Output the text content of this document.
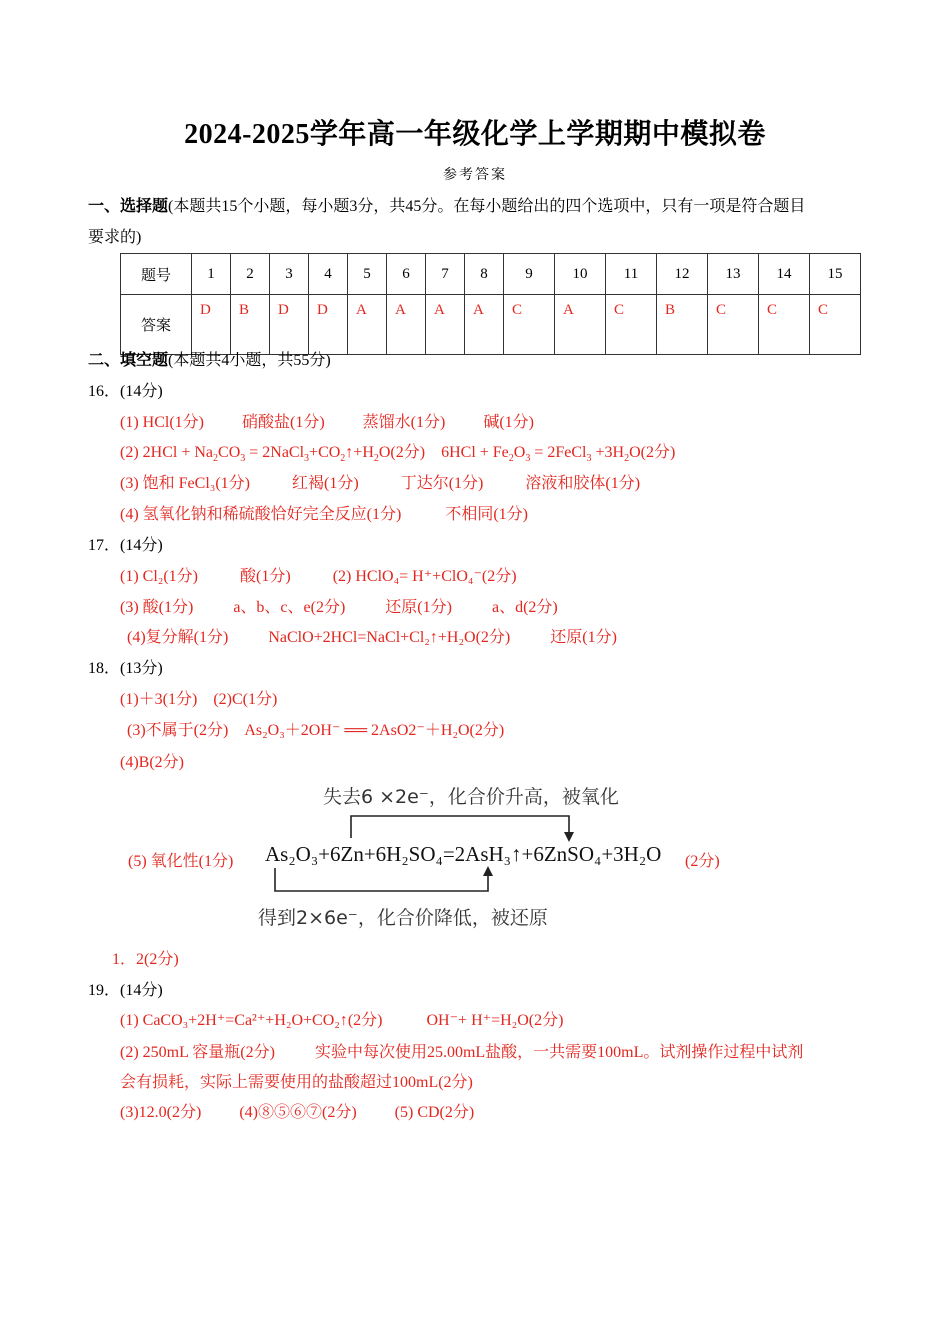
2024-2025学年高一年级化学上学期期中模拟卷
参考答案
一、选择题(本题共15个小题，每小题3分，共45分。在每小题给出的四个选项中，只有一项是符合题目
要求的)
题号	1	2	3	4	5	6	7	8	9	10	11	12	13	14	15
答案	D	B	D	D	A	A	A	A	C	A	C	B	C	C	C
二、填空题(本题共4小题，共55分)
16．(14分)
(1) HCl(1分) 硝酸盐(1分) 蒸馏水(1分) 碱(1分)
(2) $2HCl + Na_2CO_3$ = $2NaCl_3+CO_2↑+H_2O(2$分)　$6HCl + Fe_2O_3$ = 2FeCl$_3$ $+3H_2O(2$分)
(3) 饱和 FeCl₃(1分)	红褐(1分)	丁达尔(1分)	溶液和胶体(1分)
(4) 氢氧化钠和稀硫酸恰好完全反应(1分)	不相同(1分)
17．(14分)
(1) Cl₂(1分)	酸(1分)	(2) HClO₄= H⁺+ClO₄⁻(2分)
(3) 酸(1分)	a、b、c、e(2分)	还原(1分)	a、d(2分)
(4)复分解(1分)	NaClO+2HCl=NaCl+Cl₂↑+H₂O(2分)	还原(1分)
18．(13分)
(1)＋3(1分)　(2)C(1分)
(3)不属于(2分)　As₂O₃＋2OH⁻ ══ 2AsO2⁻＋H₂O(2分)
(4)B(2分)
失去6 ×2e⁻，化合价升高，被氧化
(5) 氧化性(1分) As₂O₃+6Zn+6H₂SO₄=2AsH₃↑+6ZnSO₄+3H₂O (2分)
得到2×6e⁻，化合价降低，被还原
1．2(2分)
19．(14分)
(1) CaCO₃+2H⁺=Ca²⁺+H₂O+CO₂↑(2分)	OH⁻+ H⁺=H₂O(2分)
(2) 250mL 容量瓶(2分)	实验中每次使用25.00mL盐酸，一共需要100mL。试剂操作过程中试剂
会有损耗，实际上需要使用的盐酸超过100mL(2分)
(3)12.0(2分) (4)⑧⑤⑥⑦(2分) (5) CD(2分)
